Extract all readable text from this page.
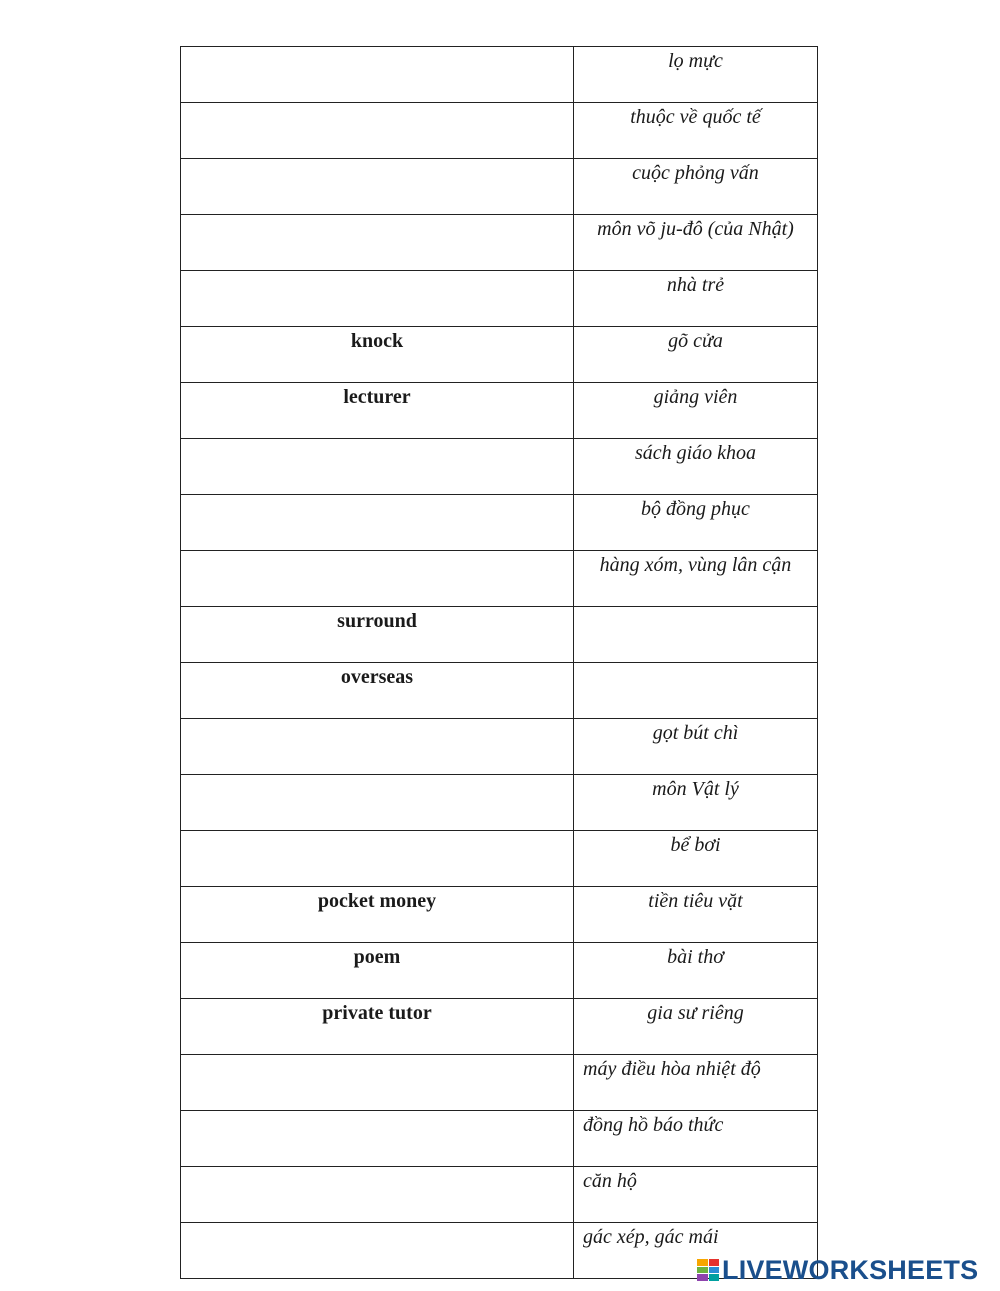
	lọ mực
	thuộc về quốc tế
	cuộc phỏng vấn
	môn võ ju-đô (của Nhật)
	nhà trẻ
knock	gõ cửa
lecturer	giảng viên
	sách giáo khoa
	bộ đồng phục
	hàng xóm, vùng lân cận
surround	
overseas	
	gọt bút chì
	môn Vật lý
	bể bơi
pocket money	tiền tiêu vặt
poem	bài thơ
private tutor	gia sư riêng
	máy điều hòa nhiệt độ
	đồng hồ báo thức
	căn hộ
	gác xép, gác mái
LIVEWORKSHEETS
